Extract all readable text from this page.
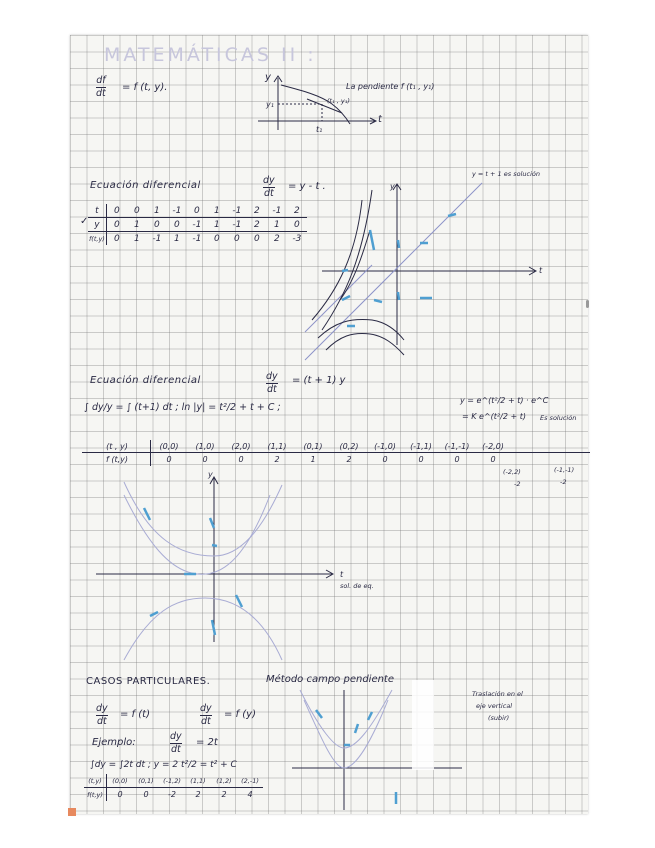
MATEMÁTICAS II :
df
dt
= f (t, y).
y
t
y₁
t₁
(t₁ , y₁)
La pendiente f (t₁ , y₁)
Ecuación diferencial	dy
dt
= y - t .
y = t + 1 es solución
y
t
✓
t	0	0	1	-1	0	1	-1	2	-1	2
y	0	1	0	0	-1	1	-1	2	1	0
f(t,y)	0	1	-1	1	-1	0	0	0	2	-3
Ecuación diferencial	dy
dt
= (t + 1) y
∫ dy/y = ∫ (t+1) dt ; ln |y| = t²/2 + t + C ;
y = e^(t²/2 + t) · e^C
= K e^(t²/2 + t) Es solución
(t , y)	(0,0)	(1,0)	(2,0)	(1,1)	(0,1)	(0,2)	(-1,0)	(-1,1)	(-1,-1)	(-2,0)
f (t,y)	0	0	0	2	1	2	0	0	0	0
(-2,2)
-2
(-1,-1)
-2
y
t
sol. de eq.
CASOS PARTICULARES.	Método campo pendiente
Traslación en el
eje vertical
(subir)
dy
dt
= f (t)
dy
dt
= f (y)
Ejemplo:
dy
dt
= 2t
∫dy = ∫2t dt ; y = 2 t²/2 = t² + C
(t,y)	(0,0)	(0,1)	(-1,2)	(1,1)	(1,2)	(2,-1)
f(t,y)	0	0	-2	2	2	4
